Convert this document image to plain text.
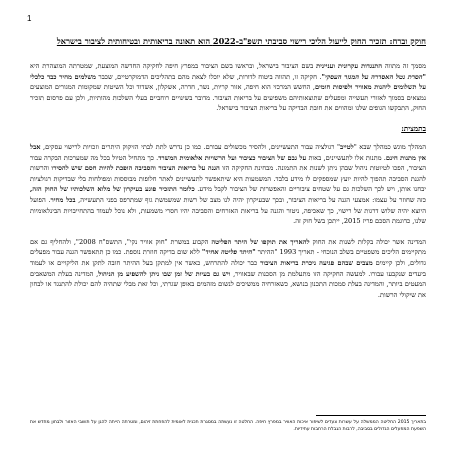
1
חוקק וברח: תזכיר החוק לייעול הליכי רישוי סביבתי תשפ"ב-2022 הוא תאונה בריאותית ובטיחותית לציבור בישראל
מסמך זה מתווה התנגדות עקרונית ועניינית בשם הציבור בישראל, ובראשו בשם הציבור במפרץ חיפה לחקיקה החדשה המוצעת, שמטרתה המוצהרת היא "הסרת נטל האסדרה על המגזר העסקי". חקיקה זו, תהווה ביטוח לדורות, שלא יוכלו לצאת מהם בתהליכים הדמוקרטיים, שכבר משלמים מחיר כבד כלכלי על תשלומים ליהנות מאוויר ולפיסות חומים, החשש המרכזי הוא חיפה, אזור קריות, נשר, חדרה, אשקלון, אשדוד וכל השיטות שמקומות המגורים המוצעים נמצאים בסמוך לאזורי תעשייה ומפעלים שתוצאותיהם משפיעים על בריאות הציבור. מדובר בשינויים רוחביים בעלי השלכות מהותיות, ולכן עם פרסום תזכיר החוק, התבקשו הגופים שלנו ומהווים את חובת הבדיקה על בריאות הציבור בישראל.
בתמצית:
המהלך מוגש כמהלך שבא "לטייב" רגולציה עבור התעשיינים, ולהסיר מכשולים עבורם. כמו כן נדרש לתת לבתי הזיקוק היתרים וזכויות לרישוי עסקים, אבל אין מתנות חינם. מתנות אלו לתעשיינים, באות על גבם של הציבור כציבור ועל הרשויות אלאומית המשרד. כך מתחיל הטיול בכל מה שמערכות הבקרה עבור הציבור, הפכו לטיוטות ניהול שבהן ניתן לשנות את התמונה. מבחינת החקיקה הזו הגנה על בריאות הציבור והסביבה הופכת להיות חסם שיש להסירו והרשות להגנת הסביבה תהפוך להיות יועץ שמספקים לו מידע בלבד. המשמעות היא שיתאפשר לתעשיינים לאתר חלופות מבוססות ומפולחות בלי שבדיקות רגולציות יבחנו אותן, ויש לכך השלכות גם על שטחים ציבוריים והאפשרות של הציבור לקבל מידע. כלומר התזכיר פוגע בעיקרון של מלוא השלכותיו של החוק הזה, כזה שחוזר על עצמו: אמצעי הגנה על בריאות הציבור, ובכך שבעיקרון יהיה לנו מצב של רשות שמשמשת גוף שמתרפס בפני התעשייה, בכל מחיר. הפועל היוצא יהיה שלוש דרגות של רישוי, כך שאכיפה, ניטור והגנה על בריאות האזרחים והסביבה יהיו חסרי משמעות, ולא נוכל לעמוד בהתחייבויות הבינלאומיות שלנו, כדוגמת הסכם פריז 2015, ייתכן בשל חוק זה.
המדינה אשר יכולה בקלות לשנות את החוק להאריך את תוקפו של היתר הפליטה הקבוע במשרת "חוק אוויר נקי", התשס"ח 2008", ולהחליף גם אם מתקיימים הליכים משפטיים בשלב הנוכחי - תאריך 1993 "ההיתר "היתר פליטה אחיד" ללא שום בדיקה חוזרת נוספת. כמו כן תתאפשר הגנה עבור מפעלים גדולים, ולכן קיימים מצבים שבהם פגיעה ניכרת בריאות הציבור כבר יכולה להתרחש, כאשר אין למתקן בעל ההיתר חובה לתקן את הליקויים או לעמוד ביעדים שנקבעו עבורו. למעשה החקיקה הזו מתעלמת מן הסכנות שבאוויר, ויש גם בעיות של זמן שבו ניתן להשפיע מן הניהול, המדינה בעלת המשאבים המעטים ביותר, והמדינה בעלת סמכות התכנון בנושא, כשאזרחיה ממשיכים לנשום מזהמים באופן שגרתי, וכל זאת מבלי שתהיה להם יכולת להתנגד או לבחון את שיקולי הרשות.
בתאריך 2015 החליטה הממשלה על עשרות צעדים לשיפור איכות האוויר במפרץ חיפה. החלטה זו נעשתה במסגרת תכנית לאומית להפחתת זיהום, ומטרתה הייתה להגן על תושבי האזור ולבחון מחדש את השפעת המפעלים הגדולים בסביבה, לרבות הגבלת הרחבות עתידיות.
